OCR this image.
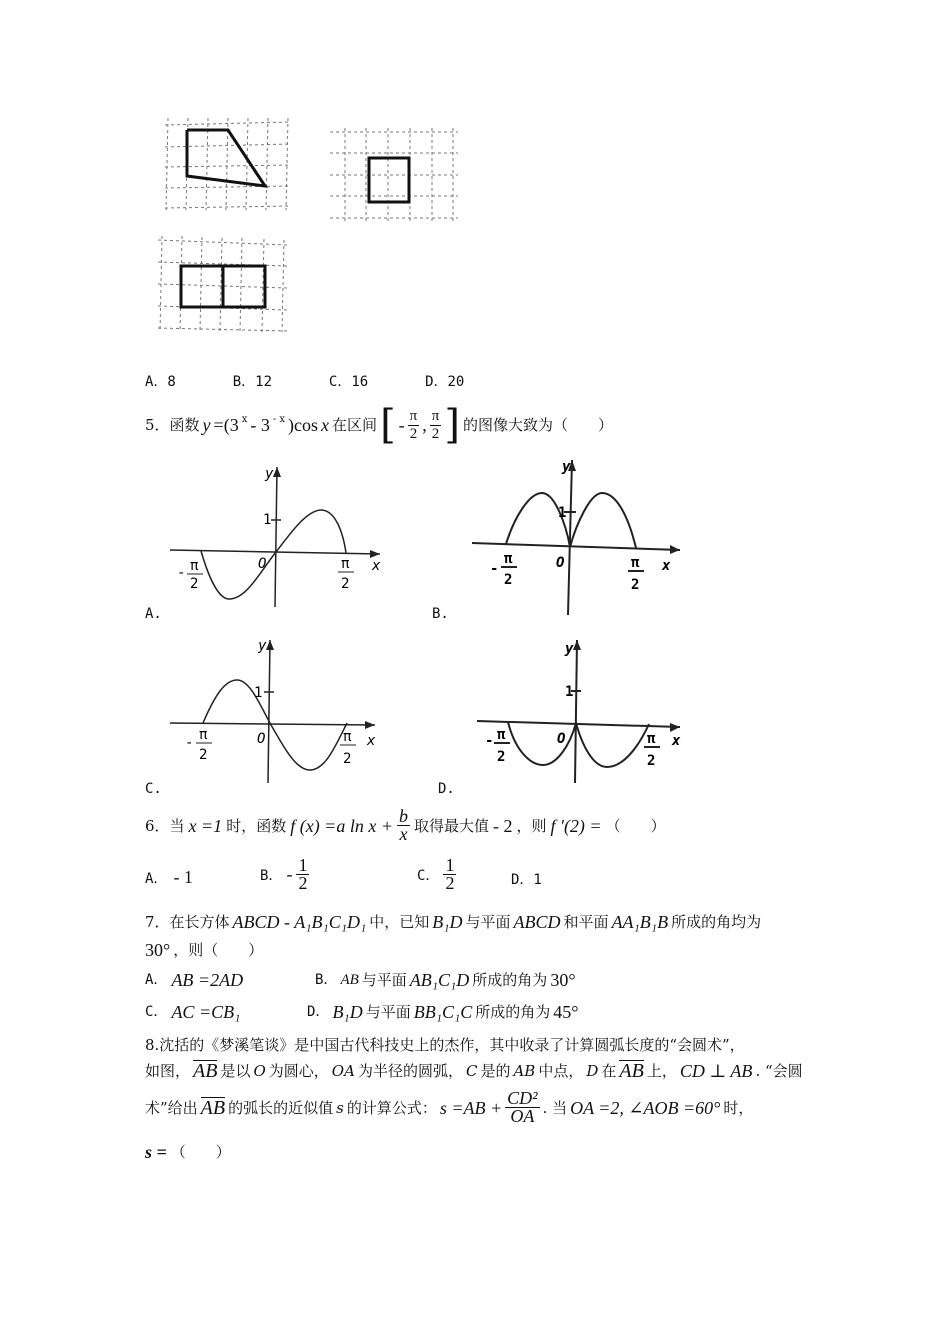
A．8	B．12	C．16	D．20
5．函数 y =(3 $^x$ - 3 $^{- x}$ )cos x 在区间 [ - $\frac{\pi}{2}$ , $\frac{\pi}{2}$ ] 的图像大致为（　　）
y
x
O
1
- π
2
π
2
A.
y
x
O
1
-
π
2
π
2
B.
y
x
O
1
- π
2
π
2
C.
y
x
O
1
- π
2
π
2
D.
6．当 x =1 时，函数 f (x) =a $\ln x + \frac{b}{x}$ 取得最大值 - 2 ，则 f ′(2) = （　　）
A． - 1	B． - $\frac{1}{2}$	C． $\frac{1}{2}$	D．1
7．在长方体 ABCD - A₁B₁C₁D₁ 中，已知 B₁D 与平面 ABCD 和平面 AA₁B₁B 所成的角均为
30° ，则（　　）
A． AB =2AD	B． AB 与平面 AB₁C₁D 所成的角为 30°
C． AC =CB₁	D． B₁D 与平面 BB₁C₁C 所成的角为 45°
8.沈括的《梦溪笔谈》是中国古代科技史上的杰作，其中收录了计算圆弧长度的“会圆术”，
如图， AB 是以 O 为圆心， OA 为半径的圆弧， C 是的 AB 中点， D 在 AB 上， CD ⊥ AB . “会圆
术”给出 AB 的弧长的近似值 s 的计算公式： $s =AB + \frac{\text{CD²}}{OA}$ . 当 OA =2, ∠AOB =60° 时，
s = （　　）
